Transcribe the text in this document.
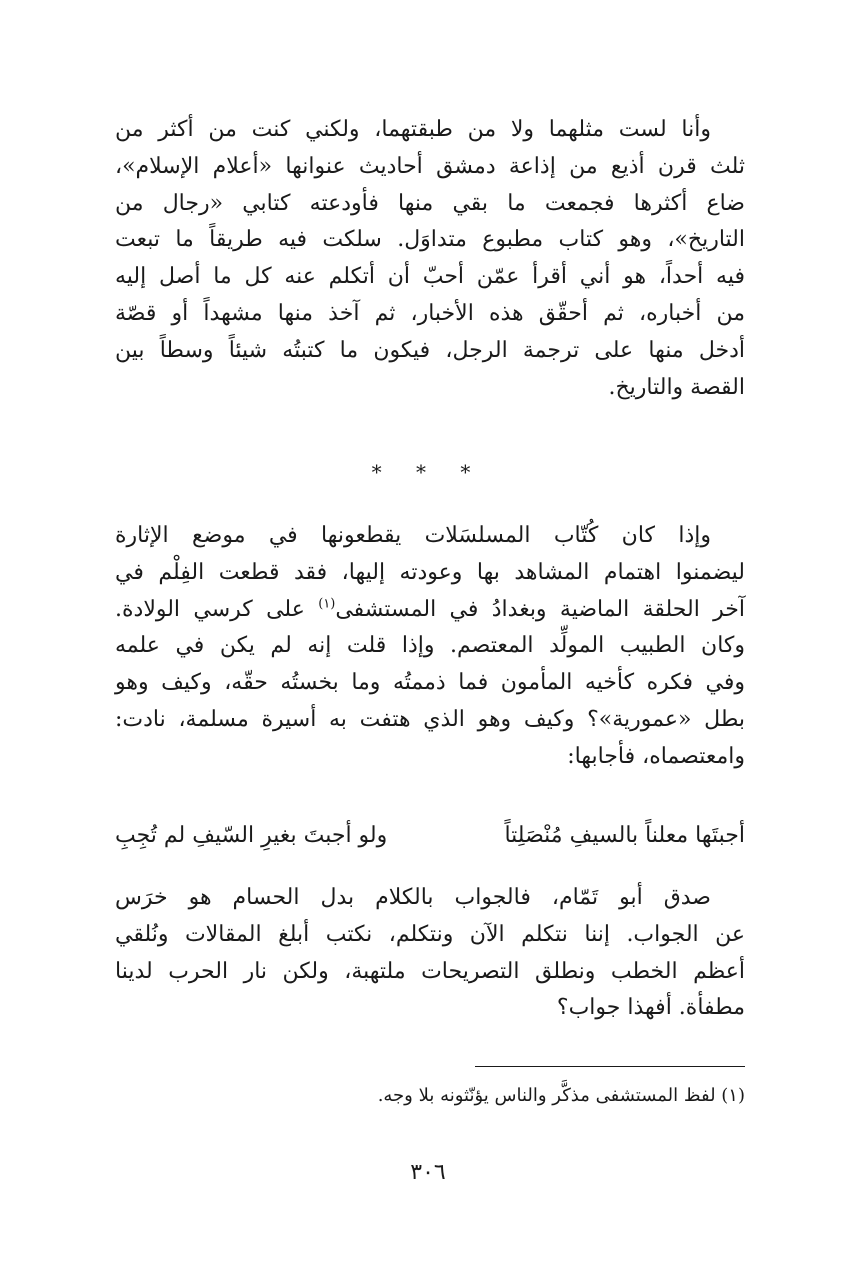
وأنا لست مثلهما ولا من طبقتهما، ولكني كنت من أكثر من
ثلث قرن أذيع من إذاعة دمشق أحاديث عنوانها «أعلام الإسلام»،
ضاع أكثرها فجمعت ما بقي منها فأودعته كتابي «رجال من
التاريخ»، وهو كتاب مطبوع متداوَل. سلكت فيه طريقاً ما تبعت
فيه أحداً، هو أني أقرأ عمّن أحبّ أن أتكلم عنه كل ما أصل إليه
من أخباره، ثم أحقّق هذه الأخبار، ثم آخذ منها مشهداً أو قصّة
أدخل منها على ترجمة الرجل، فيكون ما كتبتُه شيئاً وسطاً بين
القصة والتاريخ.
* * *
وإذا كان كُتّاب المسلسَلات يقطعونها في موضع الإثارة
ليضمنوا اهتمام المشاهد بها وعودته إليها، فقد قطعت الفِلْم في
آخر الحلقة الماضية وبغدادُ في المستشفى$^{(١)}$ على كرسي الولادة.
وكان الطبيب المولِّد المعتصم. وإذا قلت إنه لم يكن في علمه
وفي فكره كأخيه المأمون فما ذممتُه وما بخستُه حقّه، وكيف وهو
بطل «عمورية»؟ وكيف وهو الذي هتفت به أسيرة مسلمة، نادت:
وامعتصماه، فأجابها:
أجبتَها معلناً بالسيفِ مُنْصَلِتاً
ولو أجبتَ بغيرِ السّيفِ لم تُجِبِ
صدق أبو تَمّام، فالجواب بالكلام بدل الحسام هو خرَس
عن الجواب. إننا نتكلم الآن ونتكلم، نكتب أبلغ المقالات ونُلقي
أعظم الخطب ونطلق التصريحات ملتهبة، ولكن نار الحرب لدينا
مطفأة. أفهذا جواب؟
(١) لفظ المستشفى مذكَّر والناس يؤنّثونه بلا وجه.
٣٠٦
